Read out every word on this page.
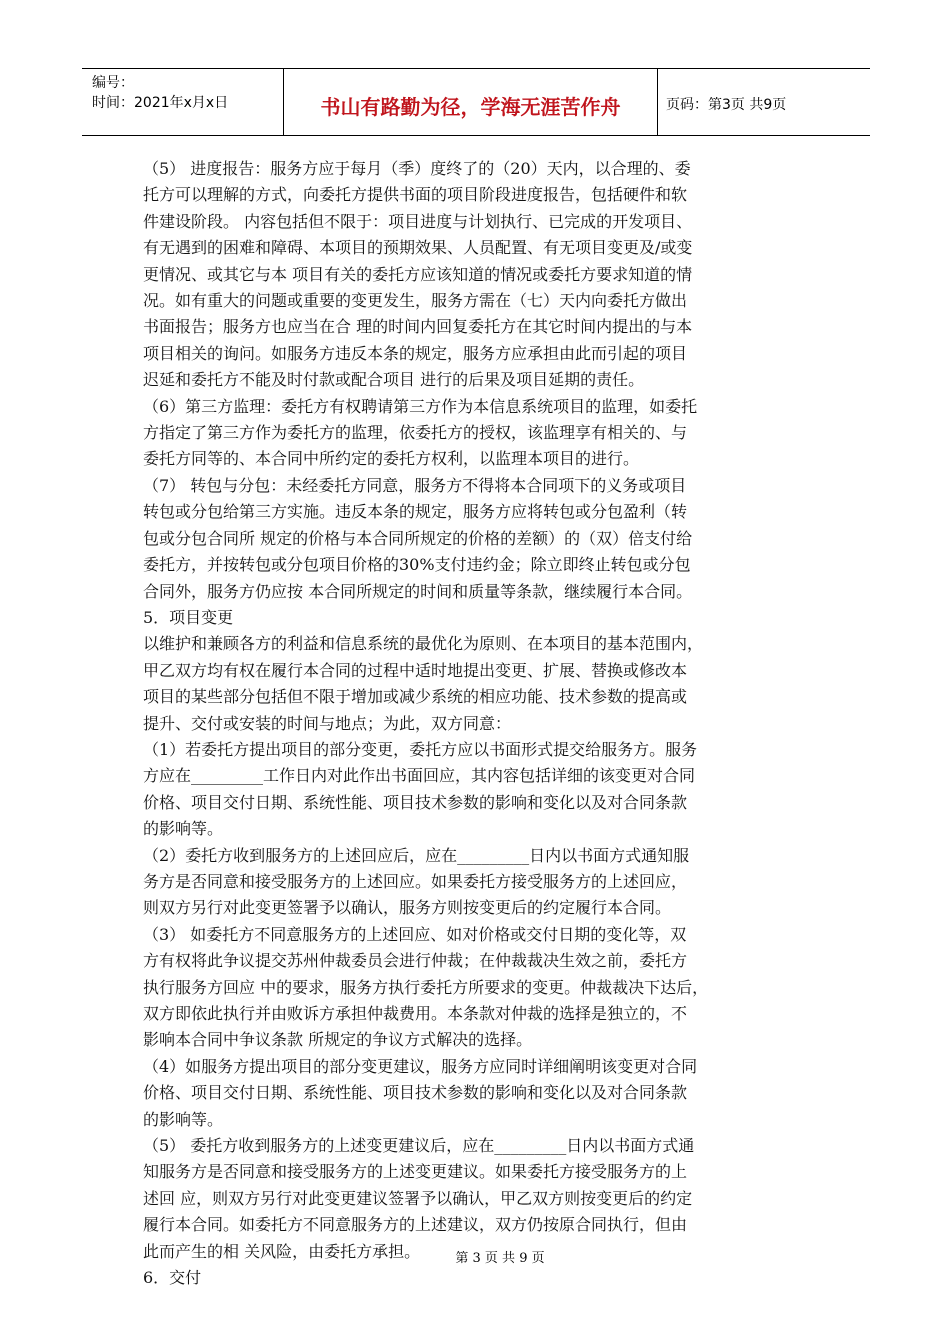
编号：
时间：2021年x月x日	书山有路勤为径，学海无涯苦作舟	页码：第3页 共9页

（5） 进度报告：服务方应于每月（季）度终了的（20）天内，以合理的、委

托方可以理解的方式，向委托方提供书面的项目阶段进度报告，包括硬件和软

件建设阶段。 内容包括但不限于：项目进度与计划执行、已完成的开发项目、

有无遇到的困难和障碍、本项目的预期效果、人员配置、有无项目变更及/或变

更情况、或其它与本 项目有关的委托方应该知道的情况或委托方要求知道的情

况。如有重大的问题或重要的变更发生，服务方需在（七）天内向委托方做出

书面报告；服务方也应当在合 理的时间内回复委托方在其它时间内提出的与本

项目相关的询问。如服务方违反本条的规定，服务方应承担由此而引起的项目

迟延和委托方不能及时付款或配合项目 进行的后果及项目延期的责任。

（6）第三方监理：委托方有权聘请第三方作为本信息系统项目的监理，如委托

方指定了第三方作为委托方的监理，依委托方的授权，该监理享有相关的、与

委托方同等的、本合同中所约定的委托方权利，以监理本项目的进行。

（7） 转包与分包：未经委托方同意，服务方不得将本合同项下的义务或项目

转包或分包给第三方实施。违反本条的规定，服务方应将转包或分包盈利（转

包或分包合同所 规定的价格与本合同所规定的价格的差额）的（双）倍支付给

委托方，并按转包或分包项目价格的30%支付违约金；除立即终止转包或分包

合同外，服务方仍应按 本合同所规定的时间和质量等条款，继续履行本合同。

5．项目变更

以维护和兼顾各方的利益和信息系统的最优化为原则、在本项目的基本范围内，

甲乙双方均有权在履行本合同的过程中适时地提出变更、扩展、替换或修改本

项目的某些部分包括但不限于增加或减少系统的相应功能、技术参数的提高或

提升、交付或安装的时间与地点；为此，双方同意：

（1）若委托方提出项目的部分变更，委托方应以书面形式提交给服务方。服务

方应在_________工作日内对此作出书面回应，其内容包括详细的该变更对合同

价格、项目交付日期、系统性能、项目技术参数的影响和变化以及对合同条款

的影响等。

（2）委托方收到服务方的上述回应后，应在_________日内以书面方式通知服

务方是否同意和接受服务方的上述回应。如果委托方接受服务方的上述回应，

则双方另行对此变更签署予以确认，服务方则按变更后的约定履行本合同。

（3） 如委托方不同意服务方的上述回应、如对价格或交付日期的变化等，双

方有权将此争议提交苏州仲裁委员会进行仲裁；在仲裁裁决生效之前，委托方

执行服务方回应 中的要求，服务方执行委托方所要求的变更。仲裁裁决下达后，

双方即依此执行并由败诉方承担仲裁费用。本条款对仲裁的选择是独立的，不

影响本合同中争议条款 所规定的争议方式解决的选择。

（4）如服务方提出项目的部分变更建议，服务方应同时详细阐明该变更对合同

价格、项目交付日期、系统性能、项目技术参数的影响和变化以及对合同条款

的影响等。

（5） 委托方收到服务方的上述变更建议后，应在_________日内以书面方式通

知服务方是否同意和接受服务方的上述变更建议。如果委托方接受服务方的上

述回 应，则双方另行对此变更建议签署予以确认，甲乙双方则按变更后的约定

履行本合同。如委托方不同意服务方的上述建议，双方仍按原合同执行，但由

此而产生的相 关风险，由委托方承担。

6．交付

第 3 页 共 9 页
